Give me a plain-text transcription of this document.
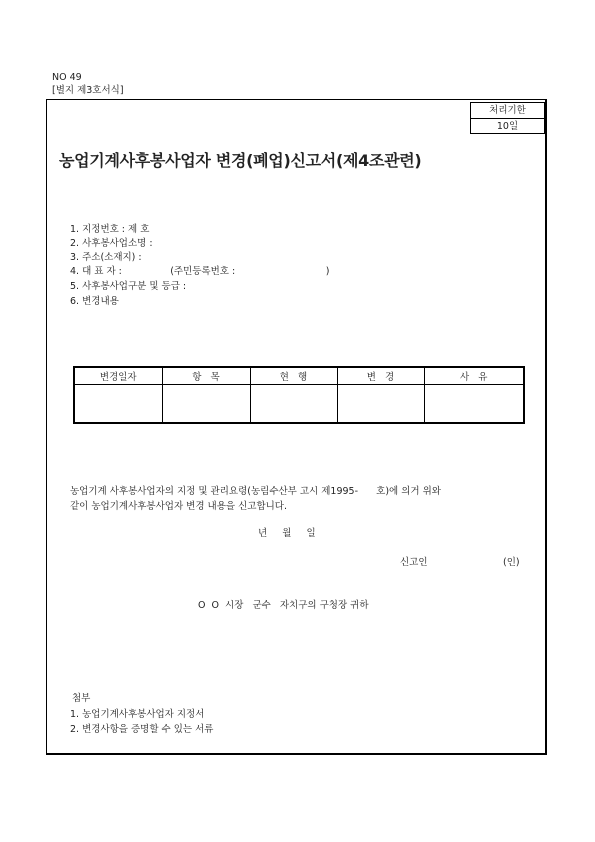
NO 49
[별지 제3호서식]
처리기한
10일
농업기계사후봉사업자 변경(폐업)신고서(제4조관련)
1. 지정번호 : 제 호
2. 사후봉사업소명 :
3. 주소(소재지) :
4. 대 표 자 :                (주민등록번호 :                              )
5. 사후봉사업구분 및 등급 :
6. 변경내용
변경일자	항   목	현   행	변   경	사   유

농업기계 사후봉사업자의 지정 및 관리요령(농림수산부 고시 제1995-      호)에 의거 위와
같이 농업기계사후봉사업자 변경 내용을 신고합니다.
년     월     일
신고인	(인)
O  O  시장   군수   자치구의 구청장 귀하
첨부
1. 농업기계사후봉사업자 지정서
2. 변경사항을 증명할 수 있는 서류
